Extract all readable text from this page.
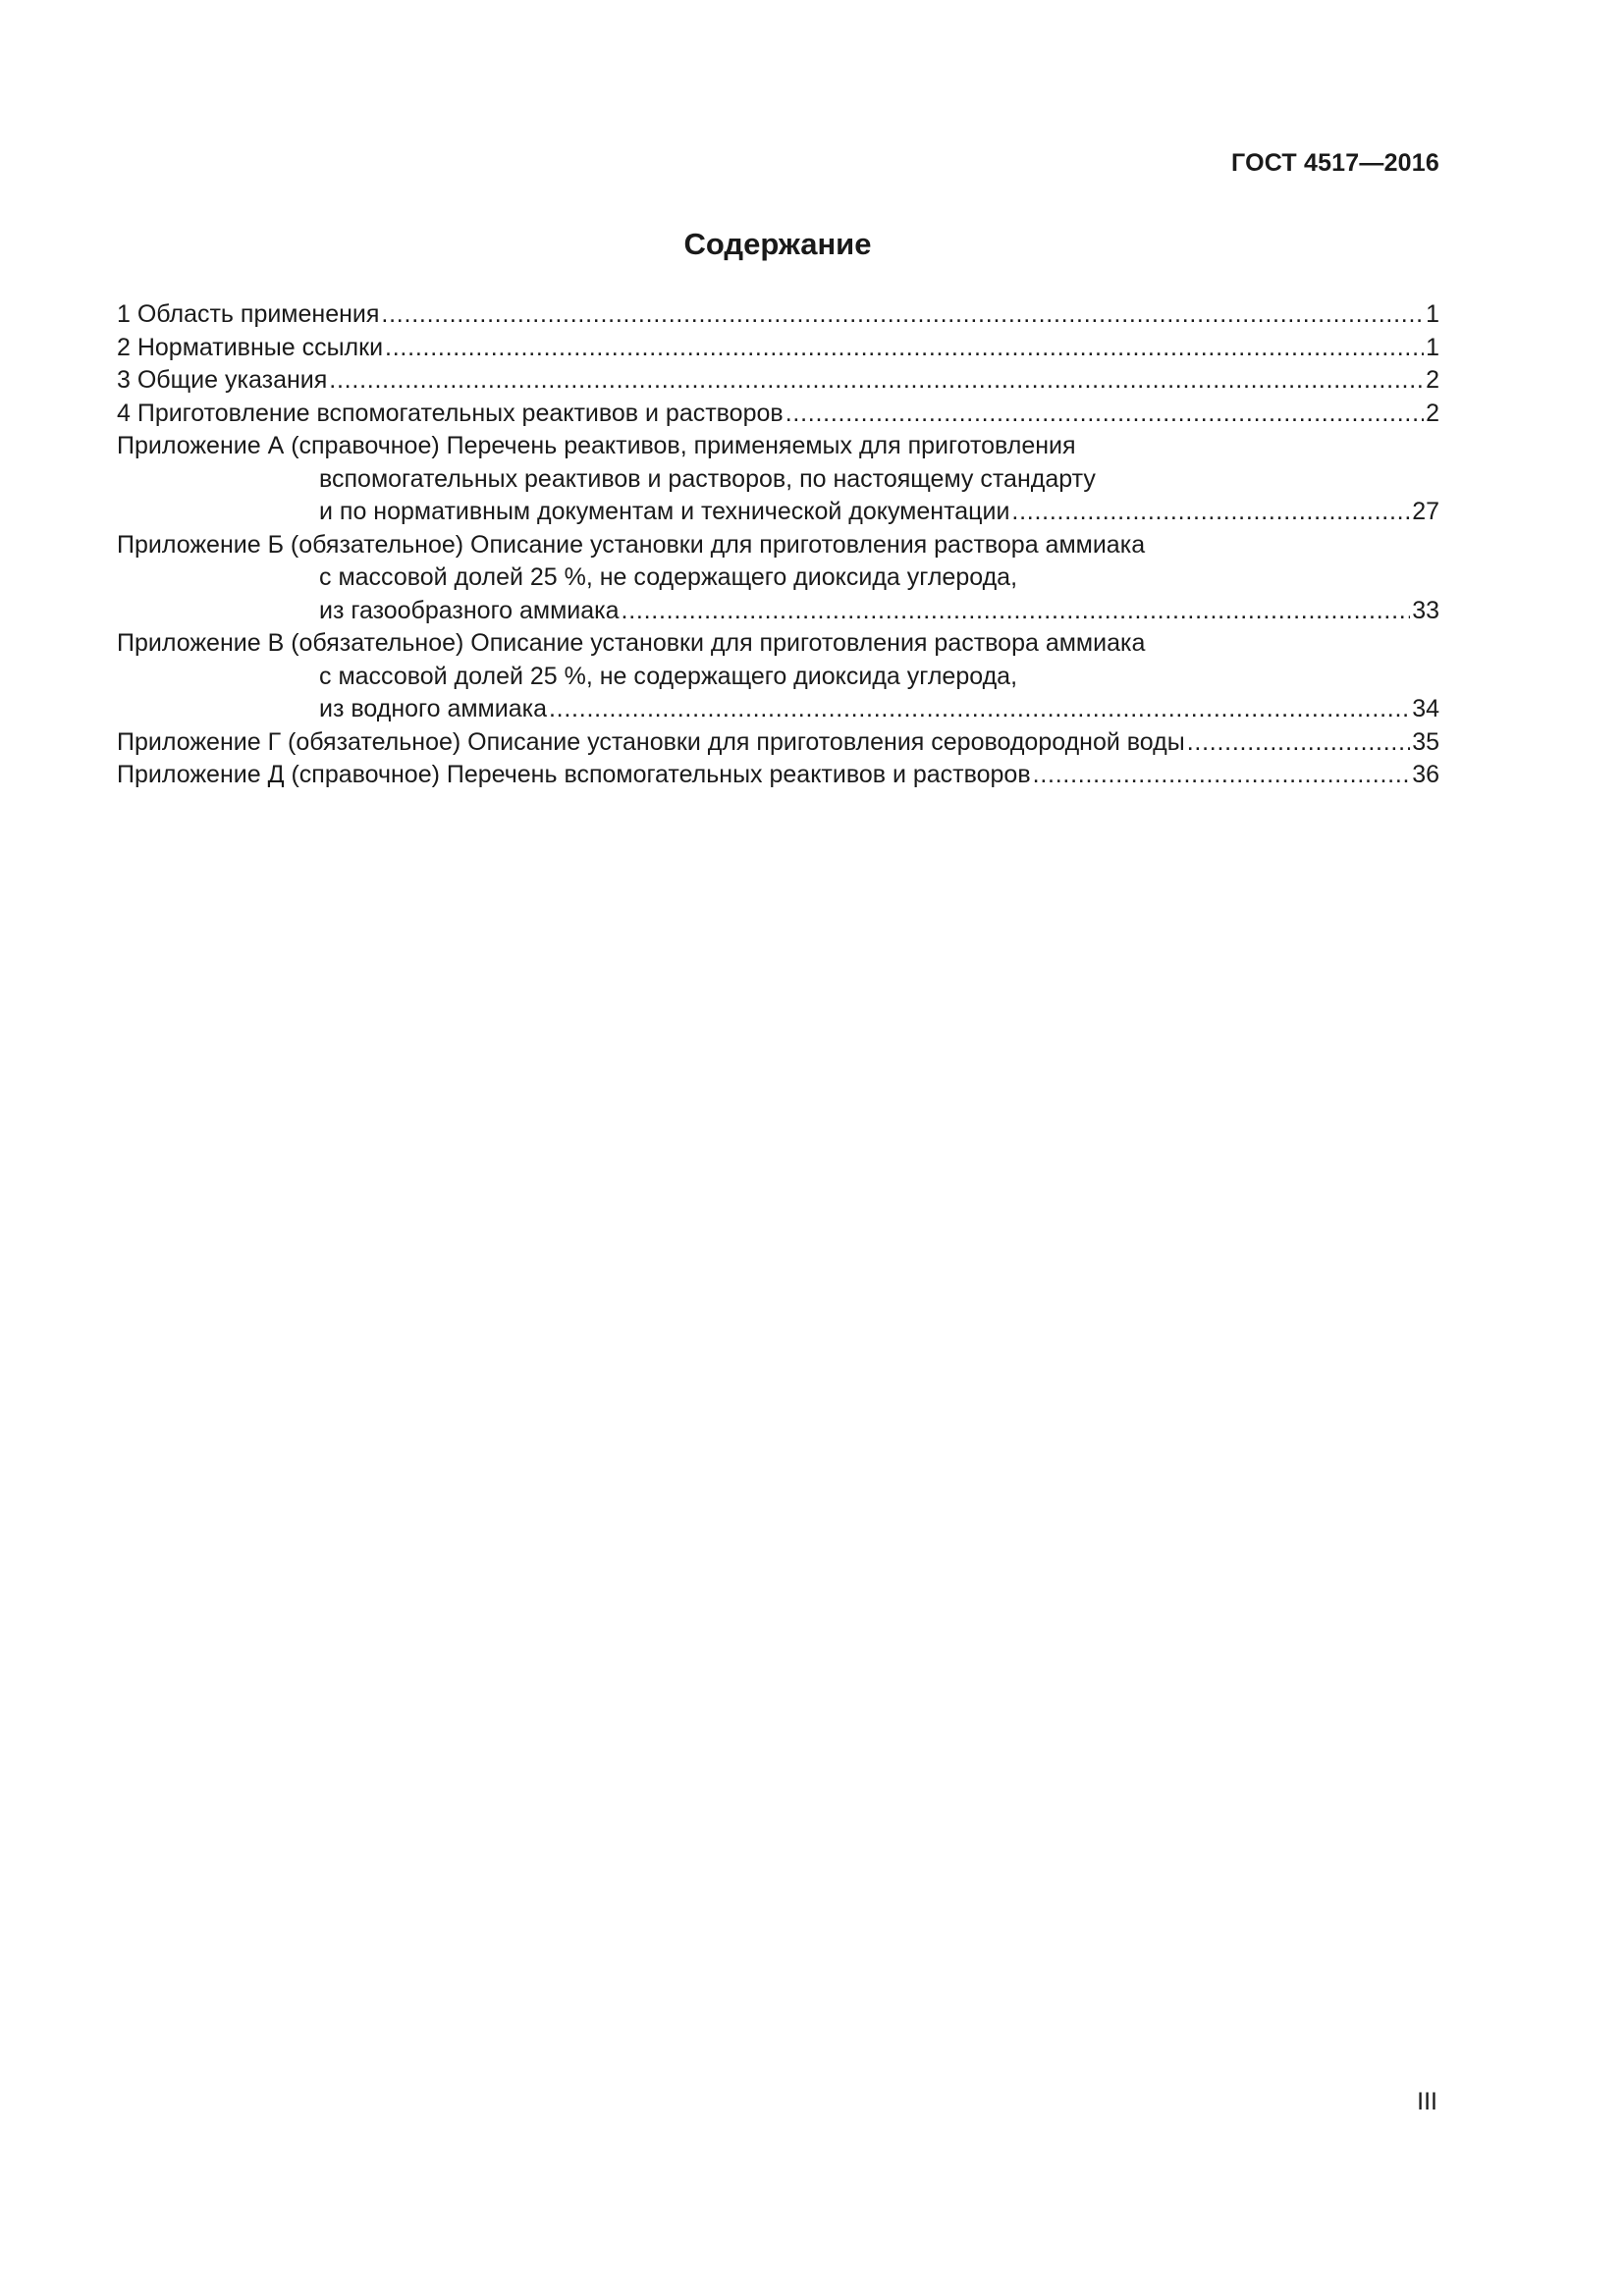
ГОСТ 4517—2016
Содержание
1 Область применения . . .	1
2 Нормативные ссылки . . .	1
3 Общие указания . . .	2
4 Приготовление вспомогательных реактивов и растворов . . .	2
Приложение А (справочное) Перечень реактивов, применяемых для приготовления
вспомогательных реактивов и растворов, по настоящему стандарту
и по нормативным документам и технической документации . . .	27
Приложение Б (обязательное) Описание установки для приготовления раствора аммиака
с массовой долей 25 %, не содержащего диоксида углерода,
из газообразного аммиака . . .	33
Приложение В (обязательное) Описание установки для приготовления раствора аммиака
с массовой долей 25 %, не содержащего диоксида углерода,
из водного аммиака . . .	34
Приложение Г (обязательное) Описание установки для приготовления сероводородной воды . . .	35
Приложение Д (справочное) Перечень вспомогательных реактивов и растворов . . .	36
III
